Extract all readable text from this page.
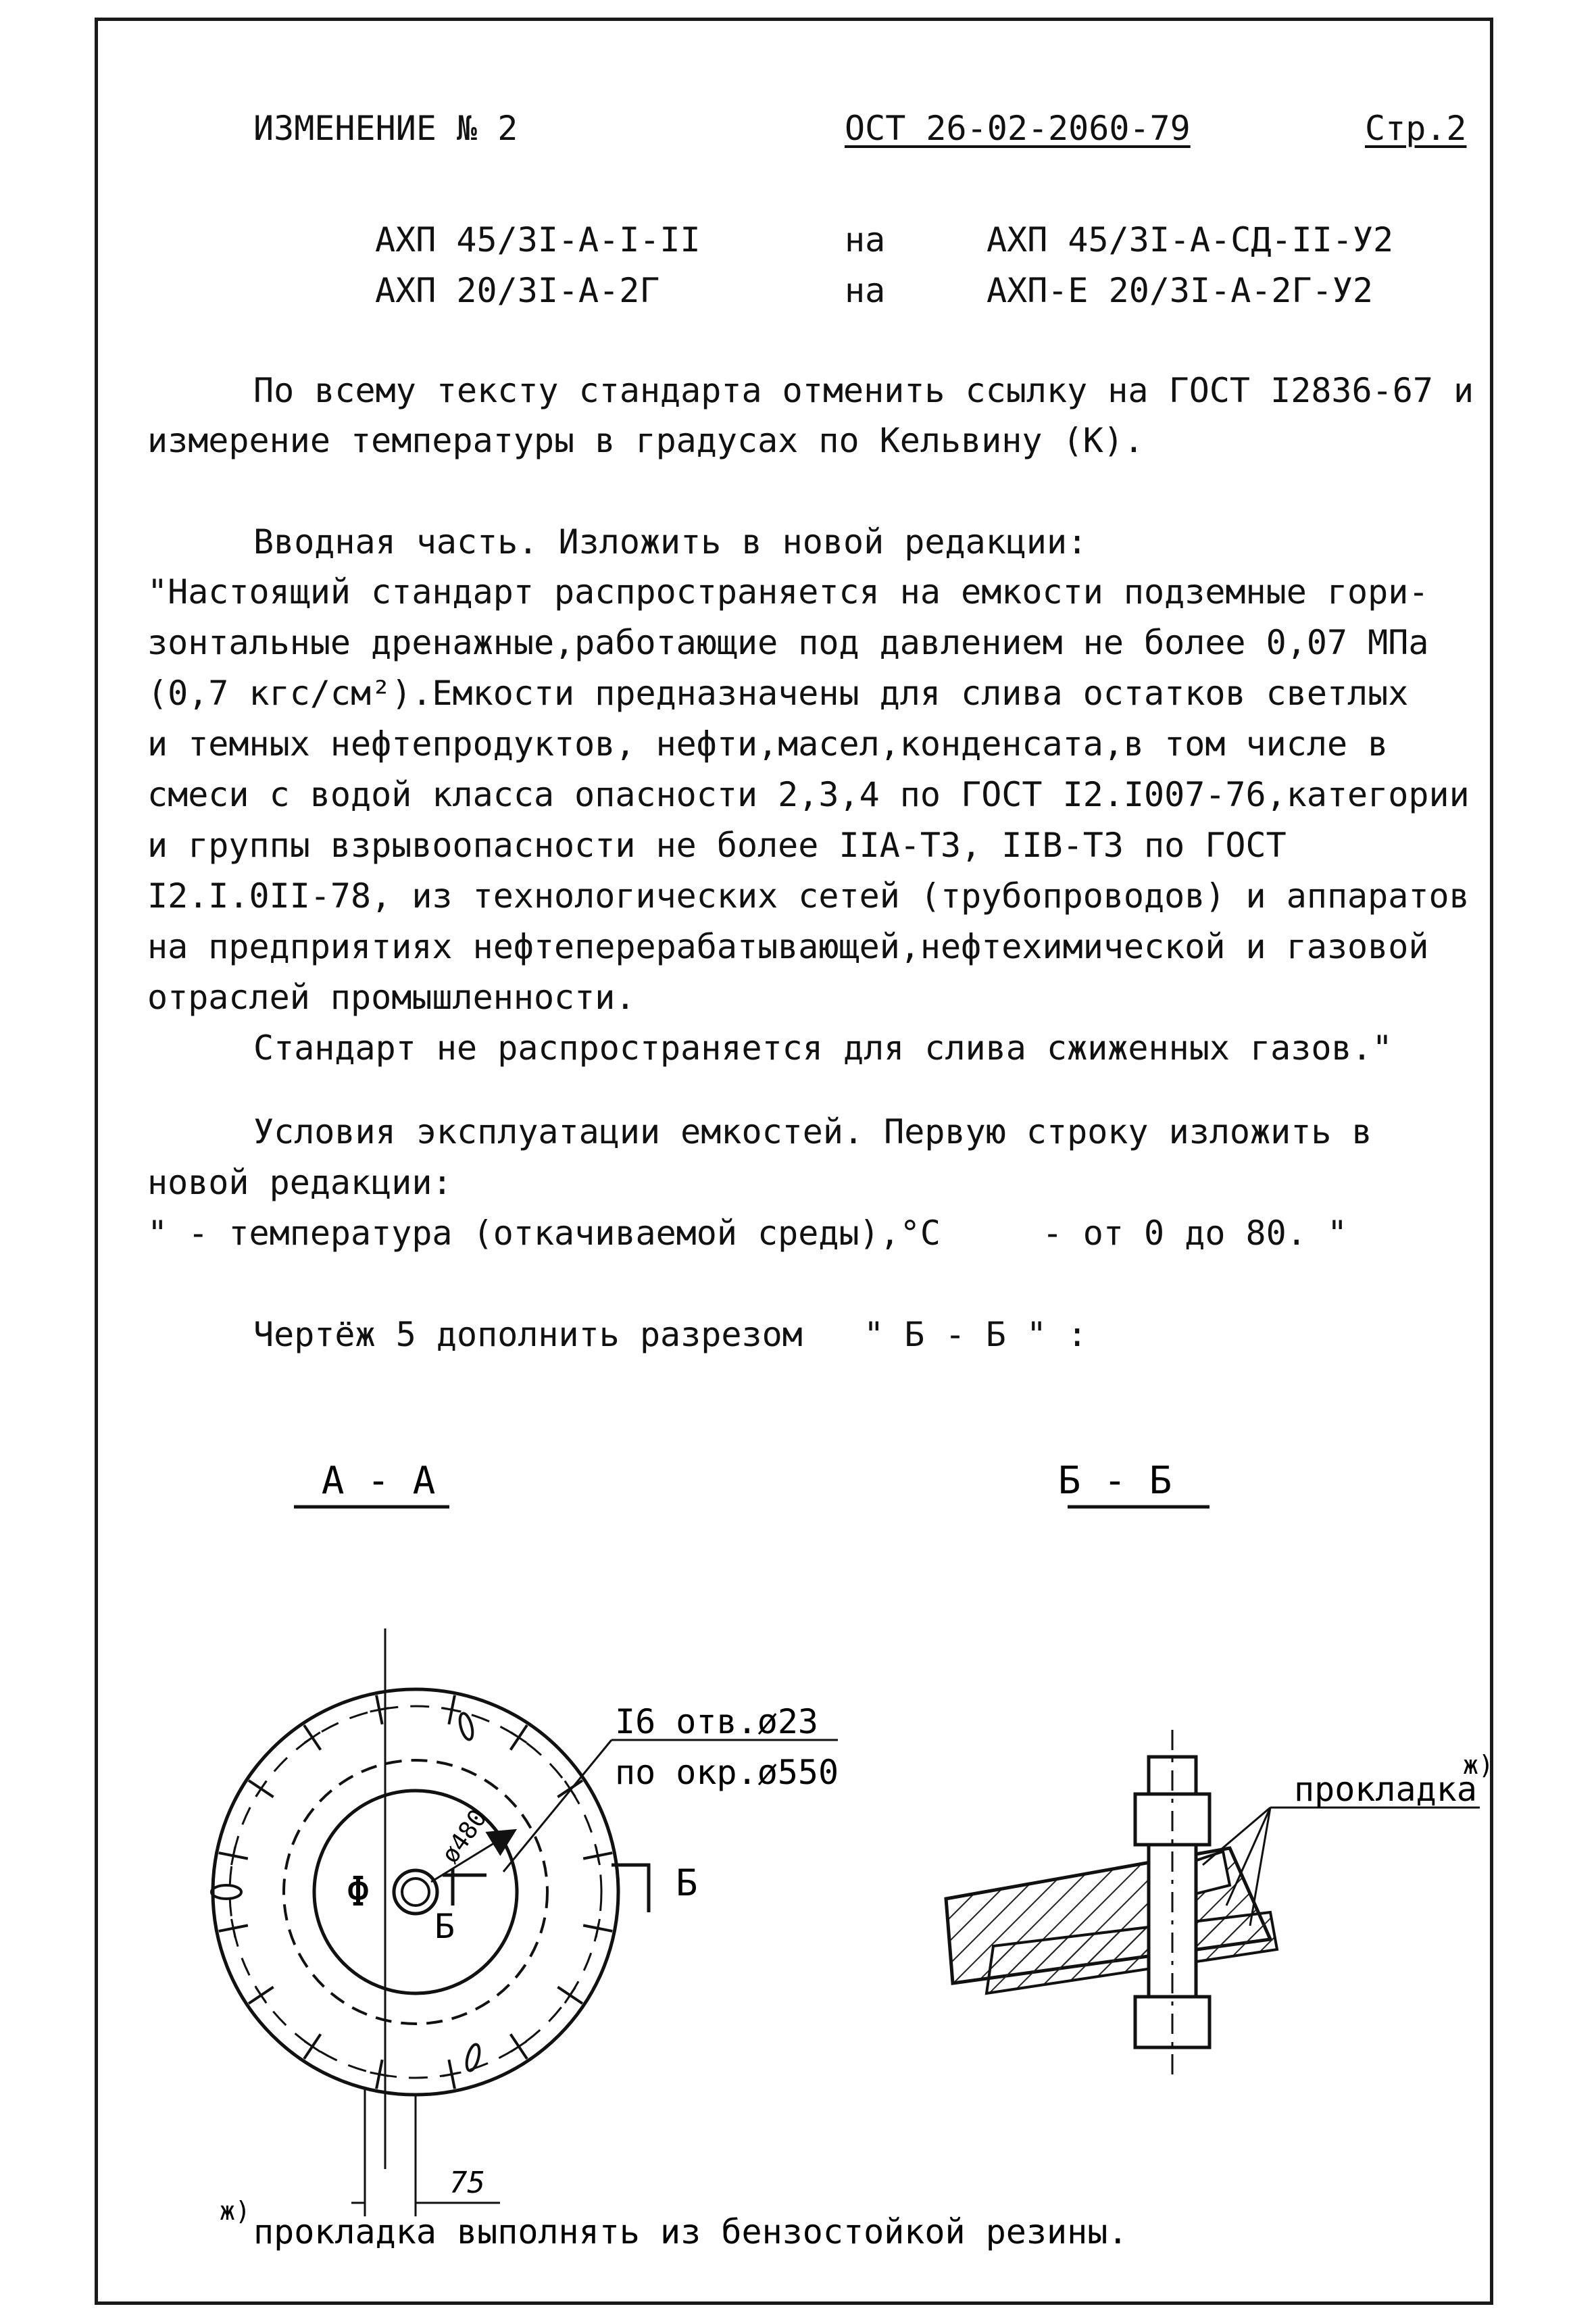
ИЗМЕНЕНИЕ № 2	ОСТ 26-02-2060-79	Стр.2
АХП 45/3I-А-I-II	на	АХП 45/3I-А-СД-II-У2
АХП 20/3I-А-2Г	на	АХП-Е 20/3I-А-2Г-У2
По всему тексту стандарта отменить ссылку на ГОСТ I2836-67 и
измерение температуры в градусах по Кельвину (К).
Вводная часть. Изложить в новой редакции:
"Настоящий стандарт распространяется на емкости подземные гори-
зонтальные дренажные,работающие под давлением не более 0,07 МПа
(0,7 кгс/см²).Емкости предназначены для слива остатков светлых
и темных нефтепродуктов, нефти,масел,конденсата,в том числе в
смеси с водой класса опасности 2,3,4 по ГОСТ I2.I007-76,категории
и группы взрывоопасности не более IIA-Т3, IIВ-Т3 по ГОСТ
I2.I.0II-78, из технологических сетей (трубопроводов) и аппаратов
на предприятиях нефтеперерабатывающей,нефтехимической и газовой
отраслей промышленности.
Стандарт не распространяется для слива сжиженных газов."
Условия эксплуатации емкостей. Первую строку изложить в
новой редакции:
" - температура (откачиваемой среды),°С     - от 0 до 80. "
Чертёж 5 дополнить разрезом   " Б - Б " :
А - А	Б - Б
Φ
ø480
I6 отв.ø23
по окр.ø550
Б
Б
75
прокладка
ж)
ж)
прокладка выполнять из бензостойкой резины.
